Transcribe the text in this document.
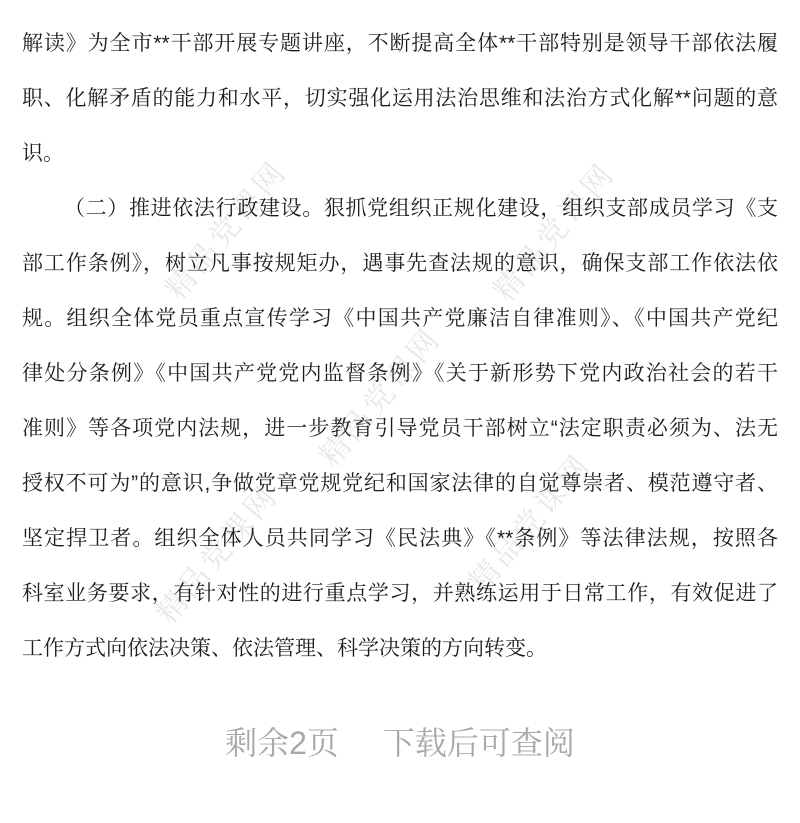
精品党课网	精品党课网
精品党课网
精品党课网	精品党课网
解读》为全市**干部开展专题讲座，不断提高全体**干部特别是领导干部依法履
职、化解矛盾的能力和水平，切实强化运用法治思维和法治方式化解**问题的意
识。
（二）推进依法行政建设。狠抓党组织正规化建设，组织支部成员学习《支
部工作条例》，树立凡事按规矩办，遇事先查法规的意识，确保支部工作依法依
规。组织全体党员重点宣传学习《中国共产党廉洁自律准则》、《中国共产党纪
律处分条例》《中国共产党党内监督条例》《关于新形势下党内政治社会的若干
准则》等各项党内法规，进一步教育引导党员干部树立“法定职责必须为、法无
授权不可为”的意识,争做党章党规党纪和国家法律的自觉尊崇者、模范遵守者、
坚定捍卫者。组织全体人员共同学习《民法典》《**条例》等法律法规，按照各
科室业务要求，有针对性的进行重点学习，并熟练运用于日常工作，有效促进了
工作方式向依法决策、依法管理、科学决策的方向转变。
剩余2页 下载后可查阅
